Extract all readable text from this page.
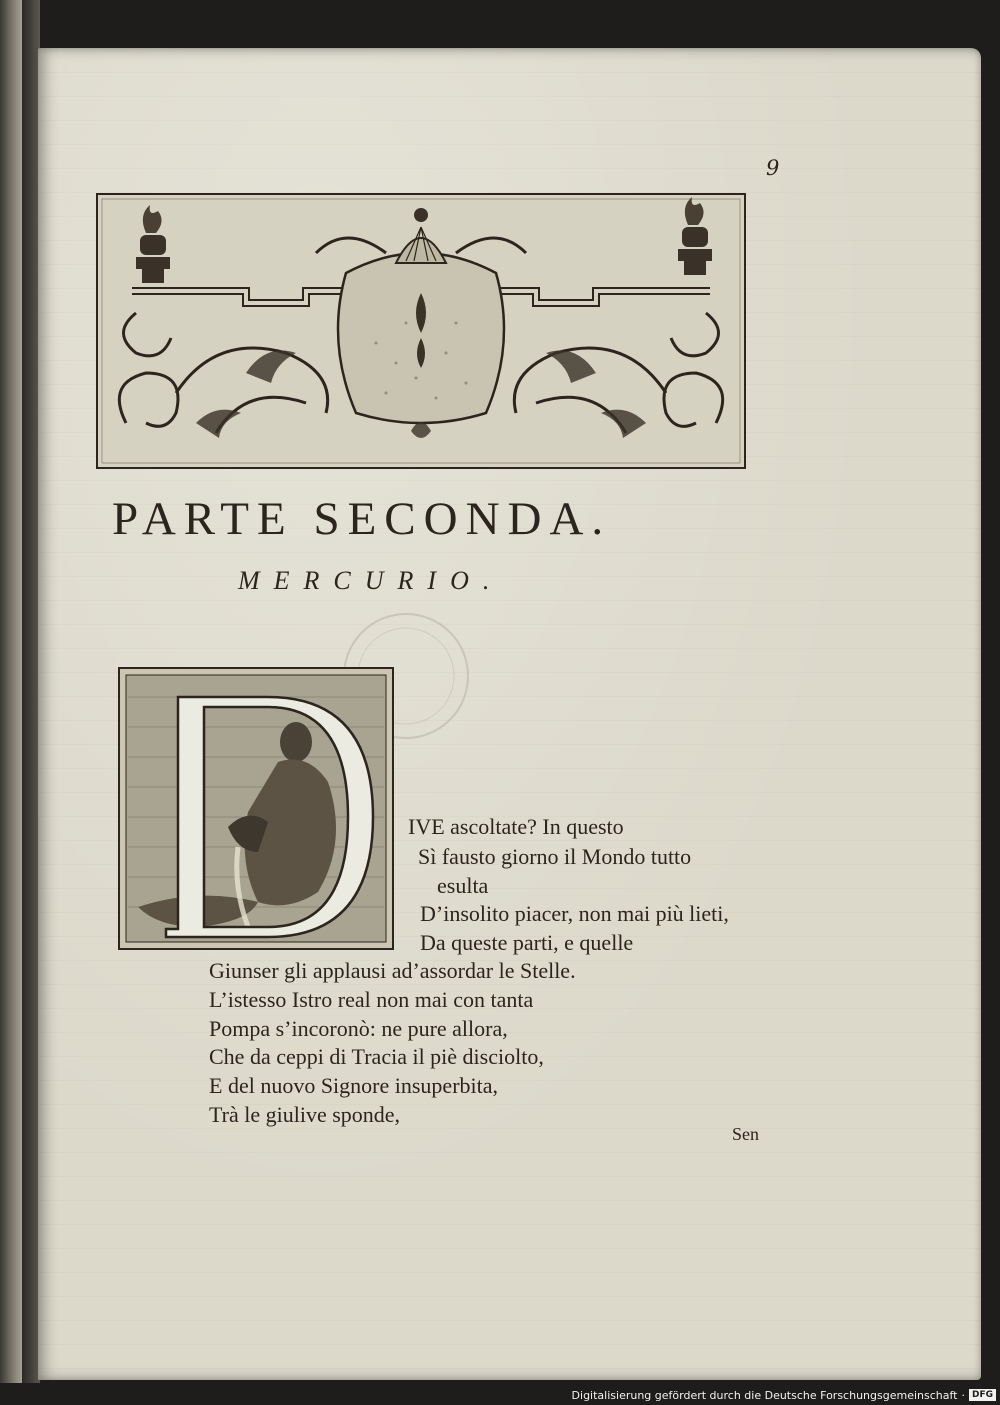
9
PARTE SECONDA.
MERCURIO.
IVE ascoltate? In questo
Sì fausto giorno il Mondo tutto
esulta
D’insolito piacer, non mai più lieti,
Da queste parti, e quelle
Giunser gli applausi ad’assordar le Stelle.
L’istesso Istro real non mai con tanta
Pompa s’incoronò: ne pure allora,
Che da ceppi di Tracia il piè disciolto,
E del nuovo Signore insuperbita,
Trà le giulive sponde,
Sen
Digitalisierung gefördert durch die Deutsche Forschungsgemeinschaft · DFG
